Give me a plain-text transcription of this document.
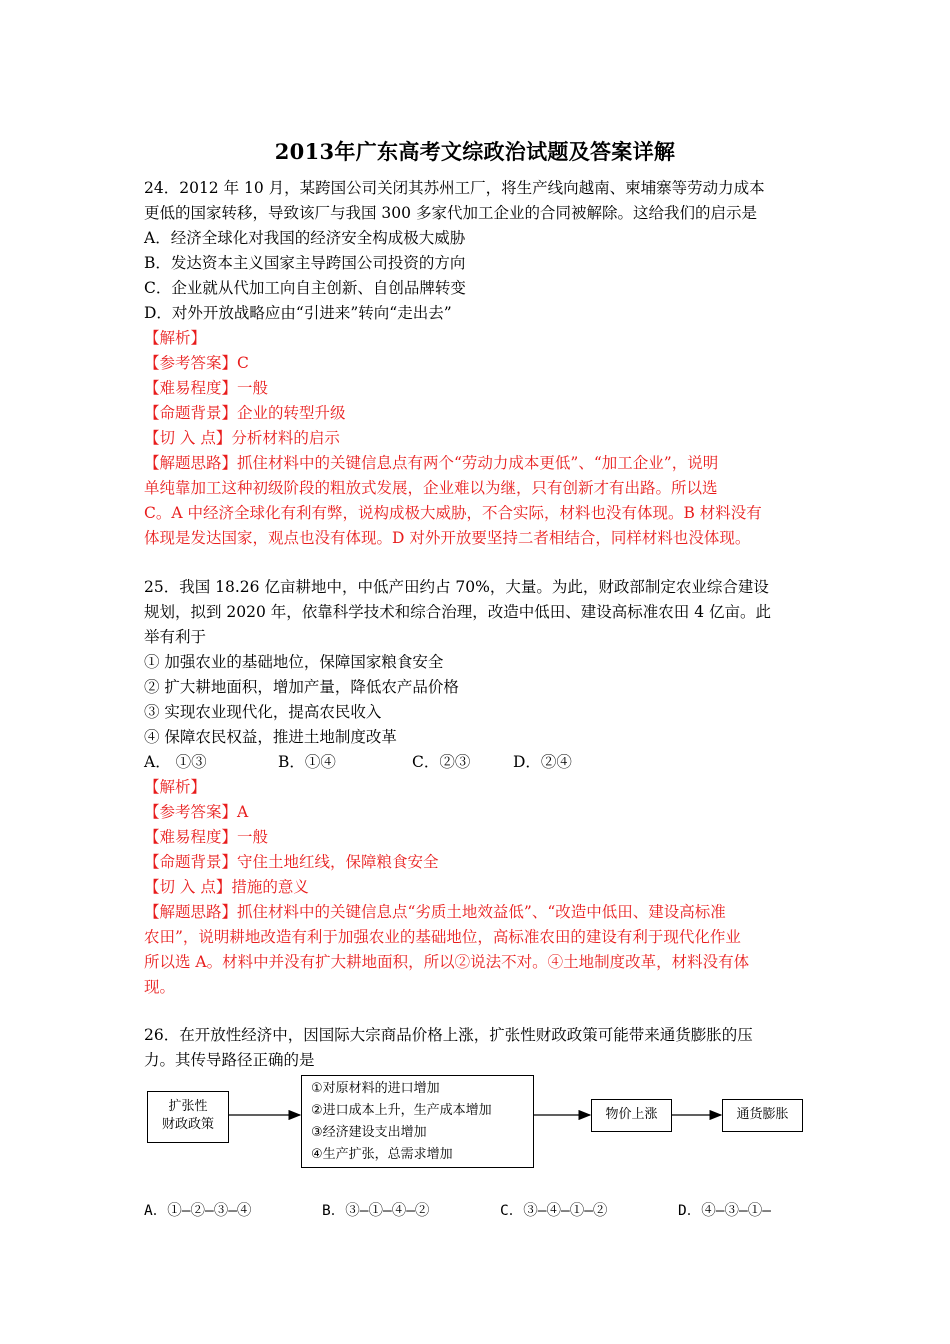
2013年广东高考文综政治试题及答案详解
24．2012 年 10 月，某跨国公司关闭其苏州工厂，将生产线向越南、柬埔寨等劳动力成本
更低的国家转移，导致该厂与我国 300 多家代加工企业的合同被解除。这给我们的启示是
A．经济全球化对我国的经济安全构成极大威胁
B．发达资本主义国家主导跨国公司投资的方向
C．企业就从代加工向自主创新、自创品牌转变
D．对外开放战略应由“引进来”转向“走出去”
【解析】
【参考答案】C
【难易程度】一般
【命题背景】企业的转型升级
【切 入 点】分析材料的启示
【解题思路】抓住材料中的关键信息点有两个“劳动力成本更低”、“加工企业”，说明
单纯靠加工这种初级阶段的粗放式发展，企业难以为继，只有创新才有出路。所以选
C。A 中经济全球化有利有弊，说构成极大威胁，不合实际，材料也没有体现。B 材料没有
体现是发达国家，观点也没有体现。D 对外开放要坚持二者相结合，同样材料也没体现。
25．我国 18.26 亿亩耕地中，中低产田约占 70%，大量。为此，财政部制定农业综合建设
规划，拟到 2020 年，依靠科学技术和综合治理，改造中低田、建设高标准农田 4 亿亩。此
举有利于
① 加强农业的基础地位，保障国家粮食安全
② 扩大耕地面积，增加产量，降低农产品价格
③ 实现农业现代化，提高农民收入
④ 保障农民权益，推进土地制度改革
A． ①③	B．①④	C．②③	D．②④
【解析】
【参考答案】A
【难易程度】一般
【命题背景】守住土地红线，保障粮食安全
【切 入 点】措施的意义
【解题思路】抓住材料中的关键信息点“劣质土地效益低”、“改造中低田、建设高标准
农田”，说明耕地改造有利于加强农业的基础地位，高标准农田的建设有利于现代化作业
所以选 A。材料中并没有扩大耕地面积，所以②说法不对。④土地制度改革，材料没有体
现。
26．在开放性经济中，因国际大宗商品价格上涨，扩张性财政政策可能带来通货膨胀的压
力。其传导路径正确的是
扩张性
财政政策
①对原材料的进口增加
②进口成本上升，生产成本增加
③经济建设支出增加
④生产扩张，总需求增加
物价上涨	通货膨胀
A．①—②—③—④	B．③—①—④—②	C．③—④—①—②	D．④—③—①—
